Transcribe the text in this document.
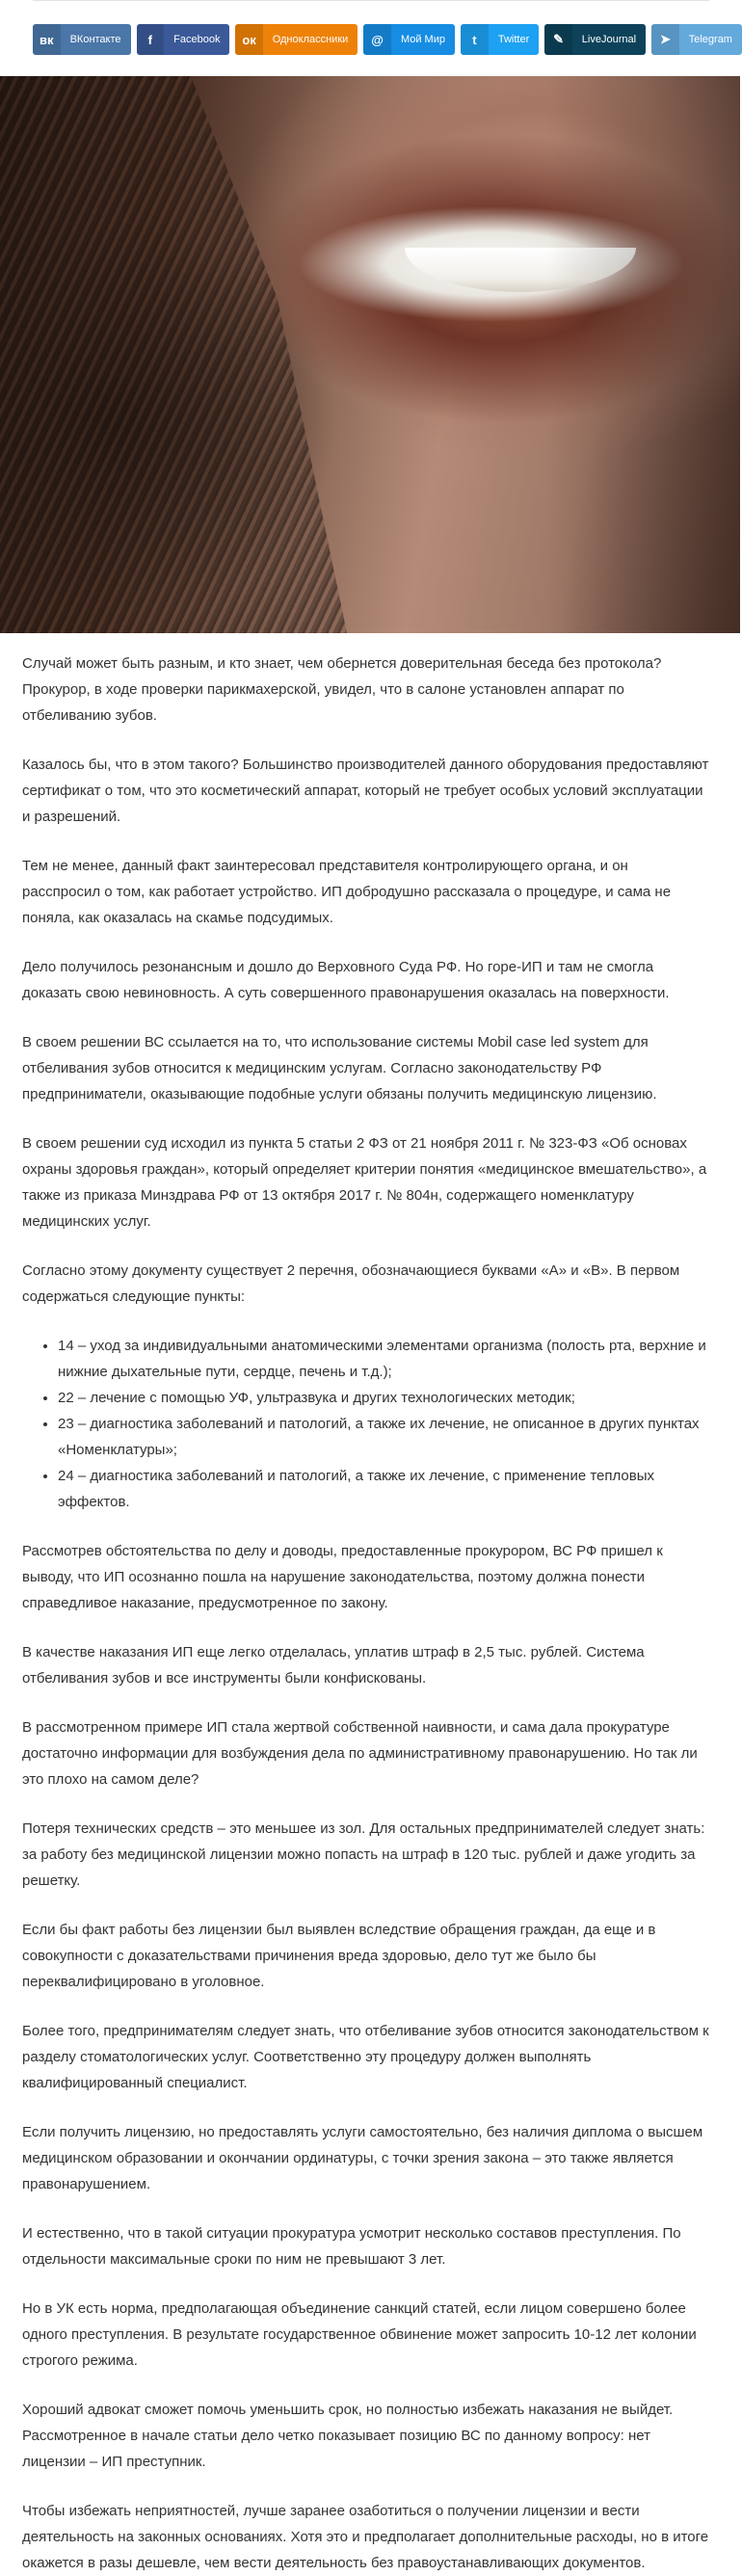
вк	ВКонтакте	f	Facebook	ок	Одноклассники	@	Мой Мир	t	Twitter	✎	LiveJournal	➤	Telegram

Случай может быть разным, и кто знает, чем обернется доверительная беседа без протокола? Прокурор, в ходе проверки парикмахерской, увидел, что в салоне установлен аппарат по отбеливанию зубов.

Казалось бы, что в этом такого? Большинство производителей данного оборудования предоставляют сертификат о том, что это косметический аппарат, который не требует особых условий эксплуатации и разрешений.

Тем не менее, данный факт заинтересовал представителя контролирующего органа, и он расспросил о том, как работает устройство. ИП добродушно рассказала о процедуре, и сама не поняла, как оказалась на скамье подсудимых.

Дело получилось резонансным и дошло до Верховного Суда РФ. Но горе-ИП и там не смогла доказать свою невиновность. А суть совершенного правонарушения оказалась на поверхности.

В своем решении ВС ссылается на то, что использование системы Mobil case led system для отбеливания зубов относится к медицинским услугам. Согласно законодательству РФ предприниматели, оказывающие подобные услуги обязаны получить медицинскую лицензию.

В своем решении суд исходил из пункта 5 статьи 2 ФЗ от 21 ноября 2011 г. № 323-ФЗ «Об основах охраны здоровья граждан», который определяет критерии понятия «медицинское вмешательство», а также из приказа Минздрава РФ от 13 октября 2017 г. № 804н, содержащего номенклатуру медицинских услуг.

Согласно этому документу существует 2 перечня, обозначающиеся буквами «А» и «В». В первом содержаться следующие пункты:

• 14 – уход за индивидуальными анатомическими элементами организма (полость рта, верхние и нижние дыхательные пути, сердце, печень и т.д.);
• 22 – лечение с помощью УФ, ультразвука и других технологических методик;
• 23 – диагностика заболеваний и патологий, а также их лечение, не описанное в других пунктах «Номенклатуры»;
• 24 – диагностика заболеваний и патологий, а также их лечение, с применение тепловых эффектов.

Рассмотрев обстоятельства по делу и доводы, предоставленные прокурором, ВС РФ пришел к выводу, что ИП осознанно пошла на нарушение законодательства, поэтому должна понести справедливое наказание, предусмотренное по закону.

В качестве наказания ИП еще легко отделалась, уплатив штраф в 2,5 тыс. рублей. Система отбеливания зубов и все инструменты были конфискованы.

В рассмотренном примере ИП стала жертвой собственной наивности, и сама дала прокуратуре достаточно информации для возбуждения дела по административному правонарушению. Но так ли это плохо на самом деле?

Потеря технических средств – это меньшее из зол. Для остальных предпринимателей следует знать: за работу без медицинской лицензии можно попасть на штраф в 120 тыс. рублей и даже угодить за решетку.

Если бы факт работы без лицензии был выявлен вследствие обращения граждан, да еще и в совокупности с доказательствами причинения вреда здоровью, дело тут же было бы переквалифицировано в уголовное.

Более того, предпринимателям следует знать, что отбеливание зубов относится законодательством к разделу стоматологических услуг. Соответственно эту процедуру должен выполнять квалифицированный специалист.

Если получить лицензию, но предоставлять услуги самостоятельно, без наличия диплома о высшем медицинском образовании и окончании ординатуры, с точки зрения закона – это также является правонарушением.

И естественно, что в такой ситуации прокуратура усмотрит несколько составов преступления. По отдельности максимальные сроки по ним не превышают 3 лет.

Но в УК есть норма, предполагающая объединение санкций статей, если лицом совершено более одного преступления. В результате государственное обвинение может запросить 10-12 лет колонии строгого режима.

Хороший адвокат сможет помочь уменьшить срок, но полностью избежать наказания не выйдет. Рассмотренное в начале статьи дело четко показывает позицию ВС по данному вопросу: нет лицензии – ИП преступник.

Чтобы избежать неприятностей, лучше заранее озаботиться о получении лицензии и вести деятельность на законных основаниях. Хотя это и предполагает дополнительные расходы, но в итоге окажется в разы дешевле, чем вести деятельность без правоустанавливающих документов.
